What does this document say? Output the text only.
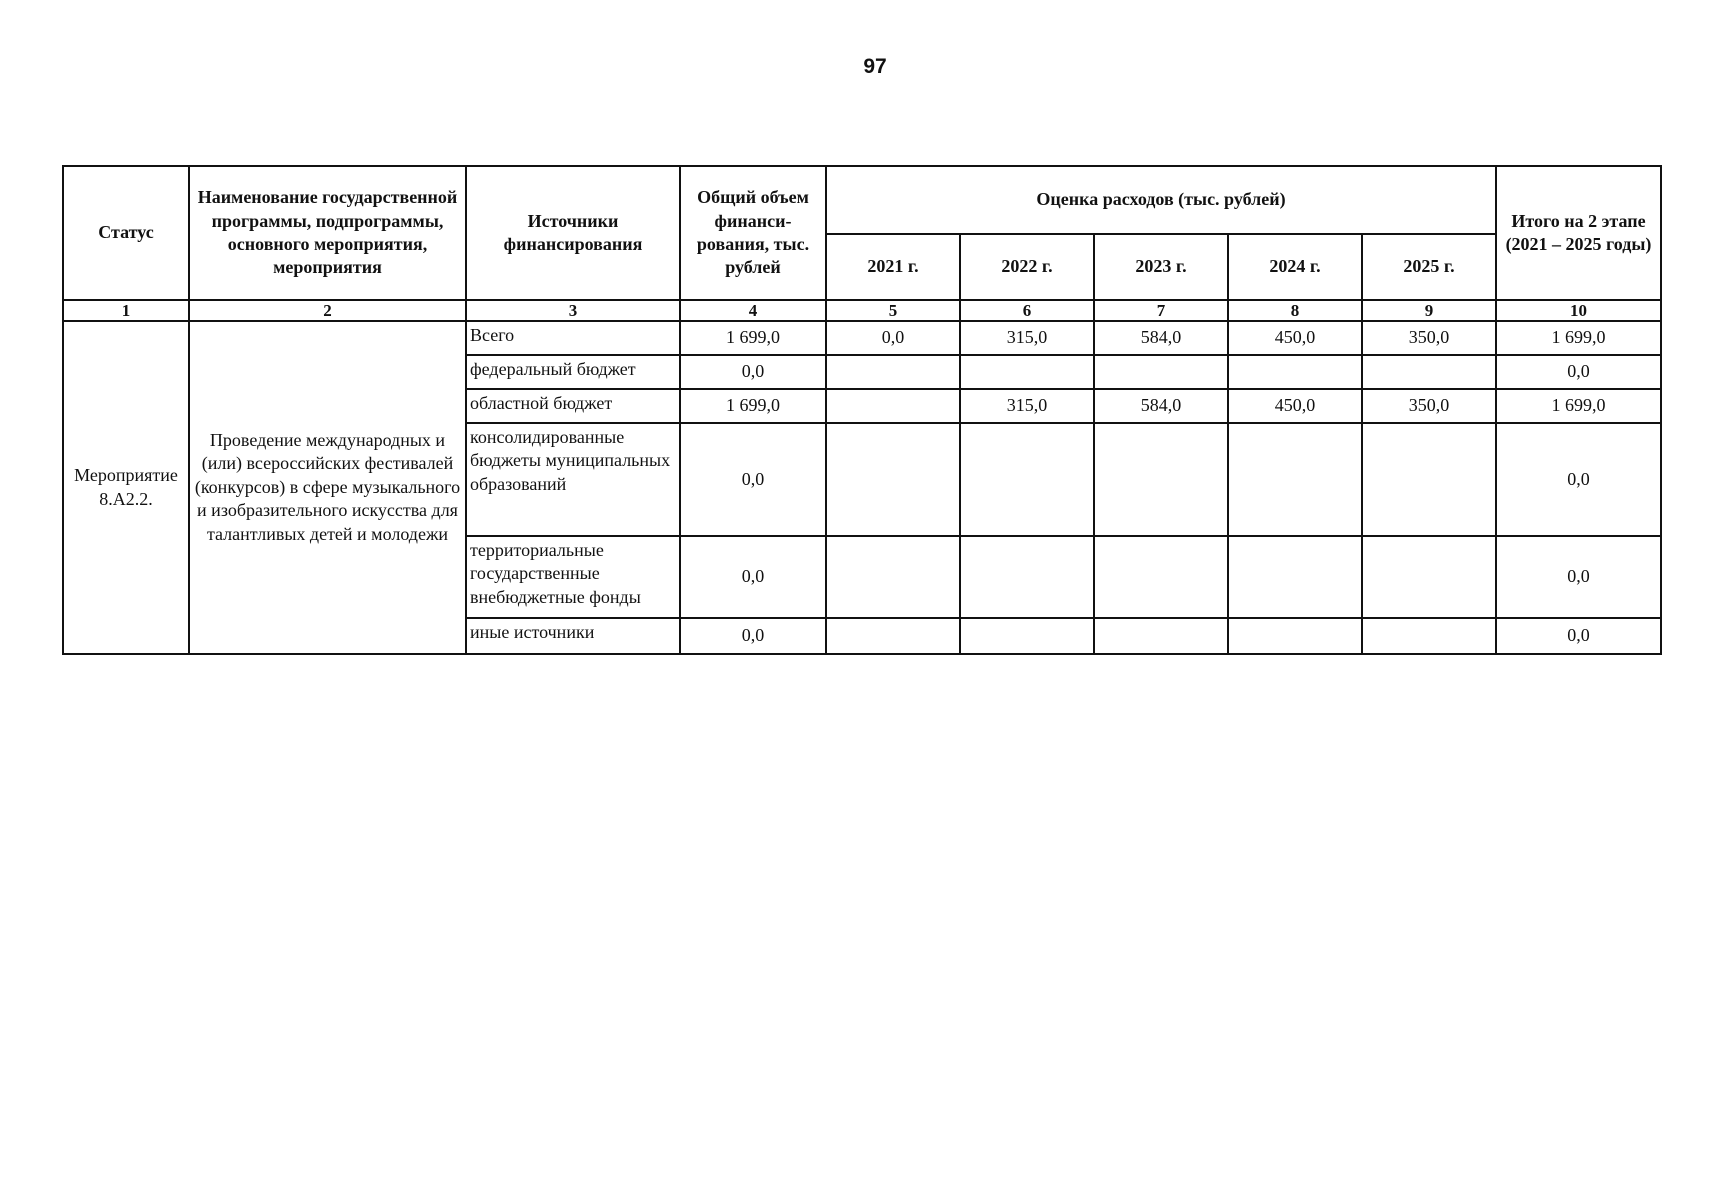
97
Статус	Наименование государственной программы, подпрограммы, основного мероприятия, мероприятия	Источники финансирования	Общий объем финанси-рования, тыс. рублей	Оценка расходов (тыс. рублей)					Итого на 2 этапе (2021 – 2025 годы)
				2021 г.	2022 г.	2023 г.	2024 г.	2025 г.	
1	2	3	4	5	6	7	8	9	10
Мероприятие 8.А2.2.	Проведение международных и (или) всероссийских фестивалей (конкурсов) в сфере музыкального и изобразительного искусства для талантливых детей и молодежи	Всего	1 699,0	0,0	315,0	584,0	450,0	350,0	1 699,0
		федеральный бюджет	0,0						0,0
		областной бюджет	1 699,0		315,0	584,0	450,0	350,0	1 699,0
		консолидированные бюджеты муниципальных образований	0,0						0,0
		территориальные государственные внебюджетные фонды	0,0						0,0
		иные источники	0,0						0,0
